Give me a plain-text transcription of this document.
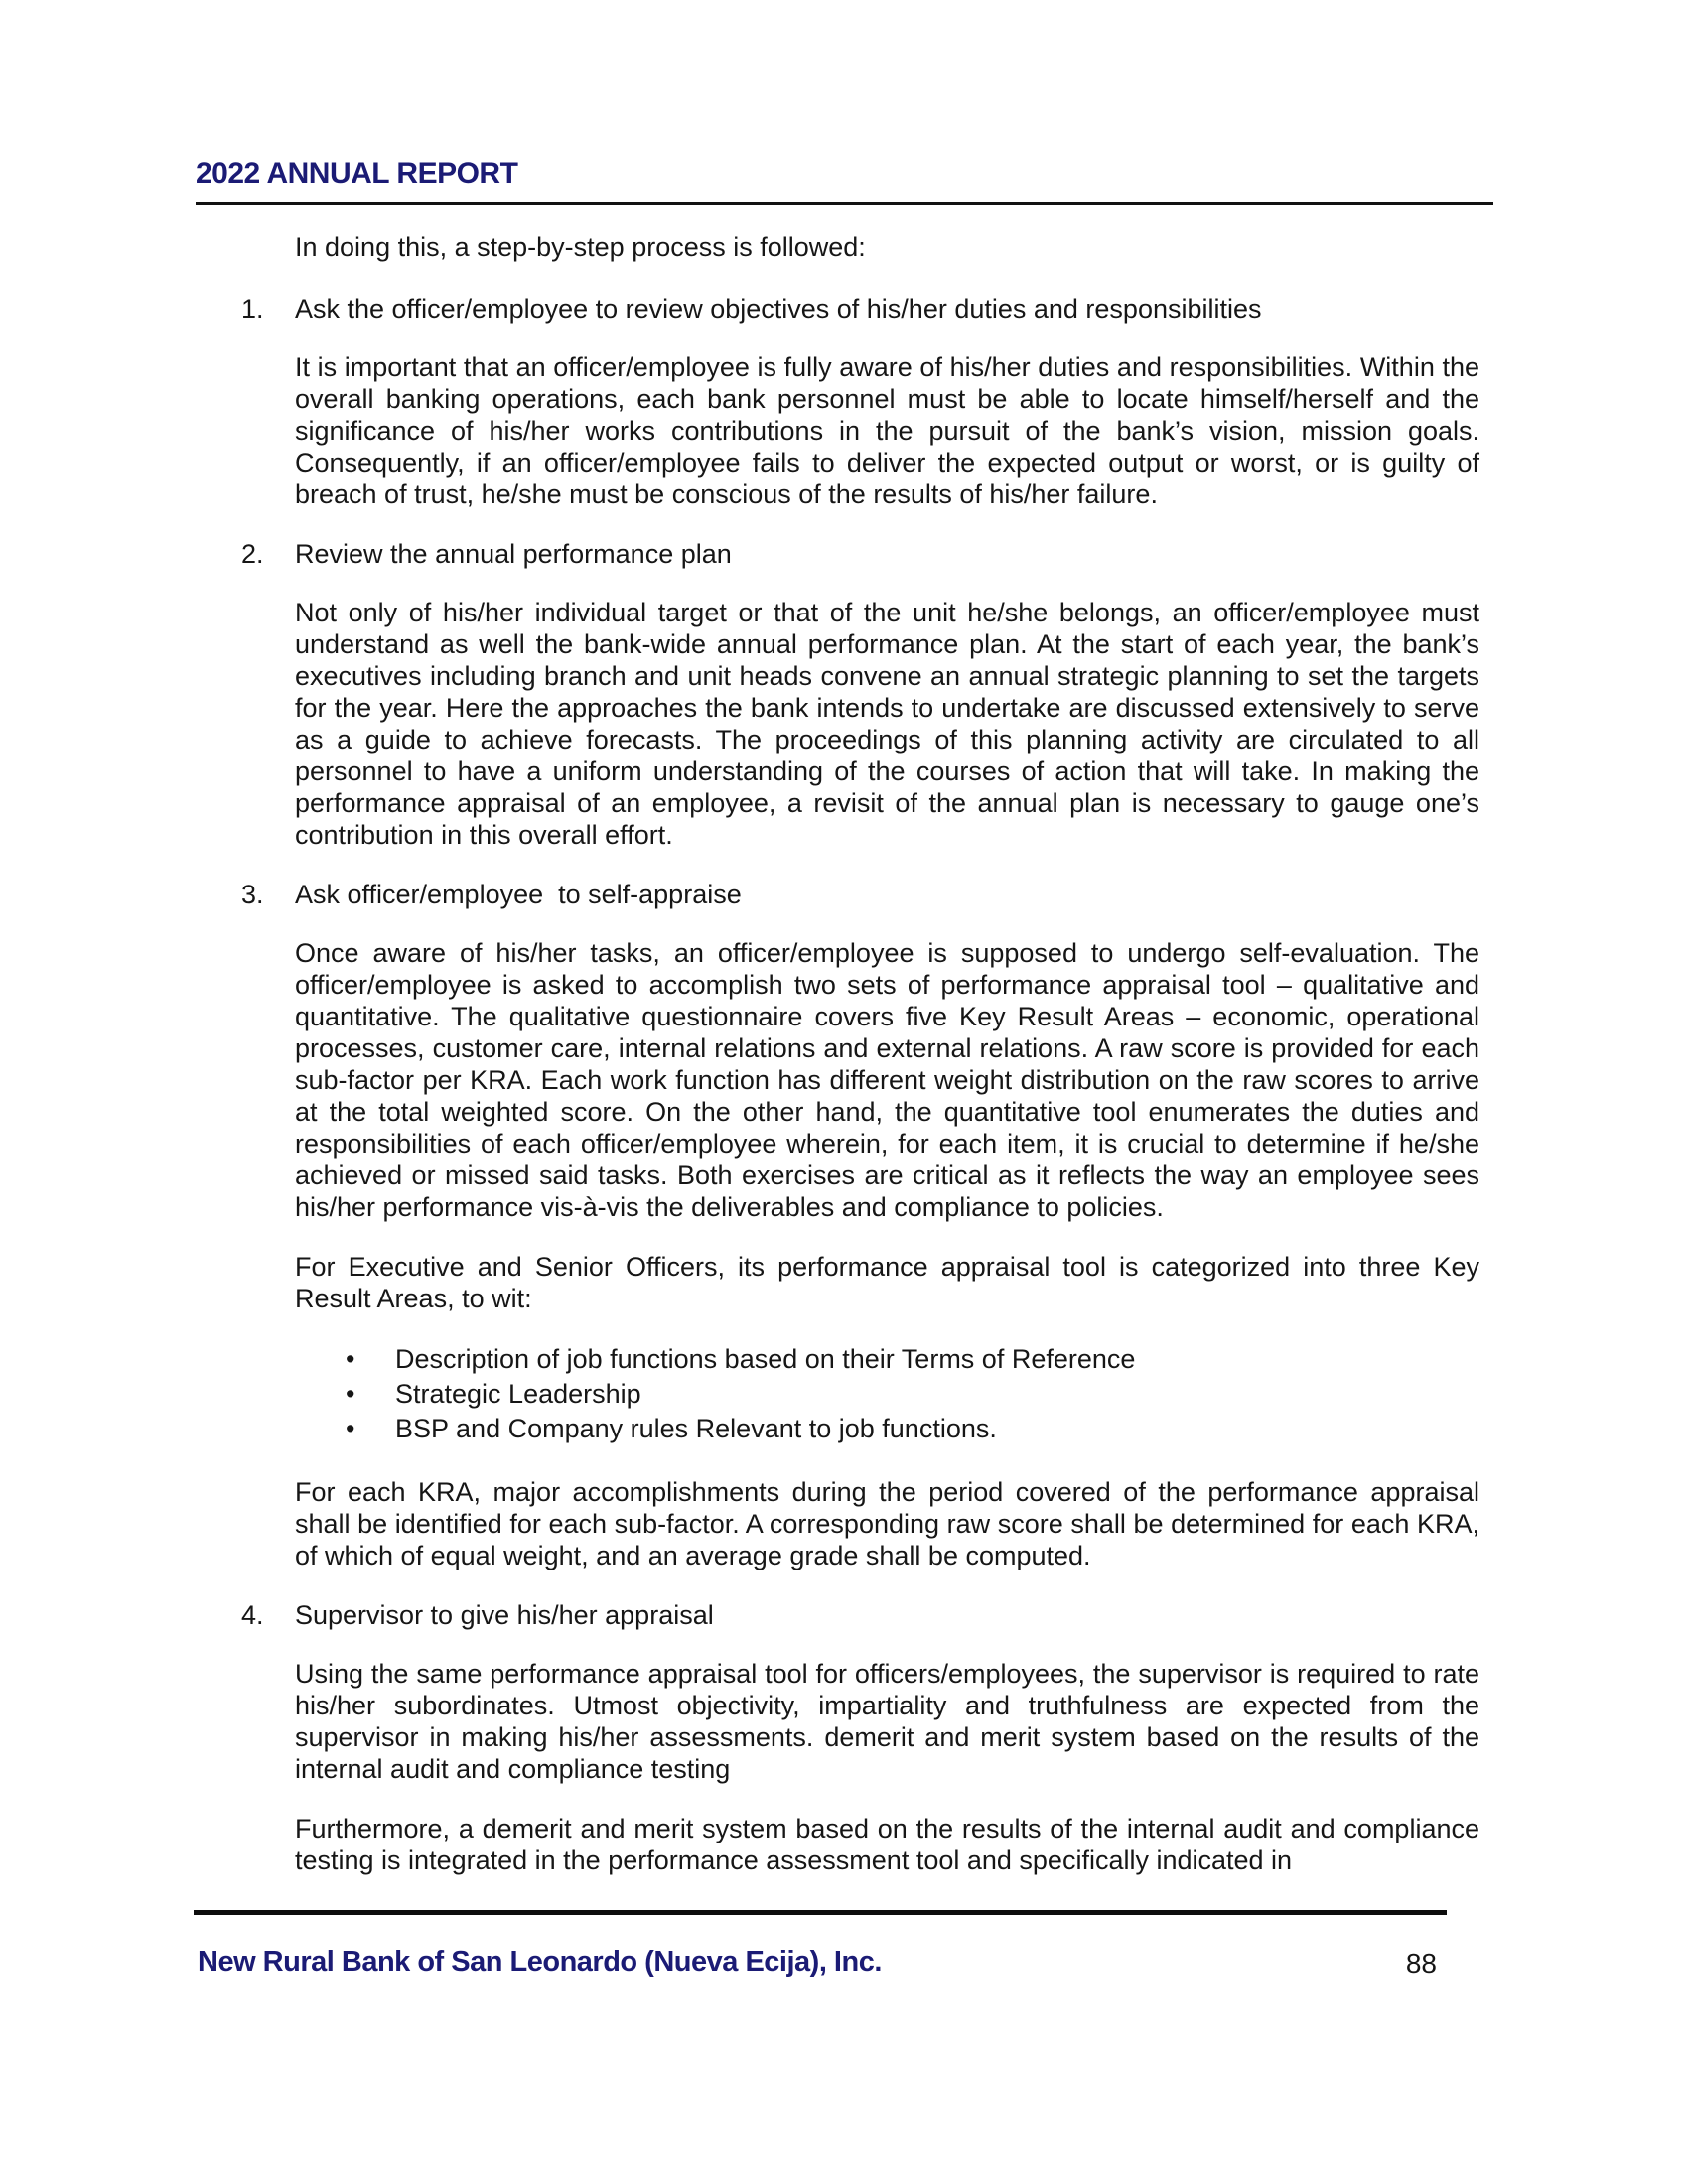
2022 ANNUAL REPORT

In doing this, a step-by-step process is followed:

1.	Ask the officer/employee to review objectives of his/her duties and responsibilities

It is important that an officer/employee is fully aware of his/her duties and responsibilities. Within the overall banking operations, each bank personnel must be able to locate himself/herself and the significance of his/her works contributions in the pursuit of the bank’s vision, mission goals. Consequently, if an officer/employee fails to deliver the expected output or worst, or is guilty of breach of trust, he/she must be conscious of the results of his/her failure.

2.	Review the annual performance plan

Not only of his/her individual target or that of the unit he/she belongs, an officer/employee must understand as well the bank-wide annual performance plan. At the start of each year, the bank’s executives including branch and unit heads convene an annual strategic planning to set the targets for the year. Here the approaches the bank intends to undertake are discussed extensively to serve as a guide to achieve forecasts. The proceedings of this planning activity are circulated to all personnel to have a uniform understanding of the courses of action that will take. In making the performance appraisal of an employee, a revisit of the annual plan is necessary to gauge one’s contribution in this overall effort.

3.	Ask officer/employee  to self-appraise

Once aware of his/her tasks, an officer/employee is supposed to undergo self-evaluation. The officer/employee is asked to accomplish two sets of performance appraisal tool – qualitative and quantitative. The qualitative questionnaire covers five Key Result Areas – economic, operational processes, customer care, internal relations and external relations. A raw score is provided for each sub-factor per KRA. Each work function has different weight distribution on the raw scores to arrive at the total weighted score. On the other hand, the quantitative tool enumerates the duties and responsibilities of each officer/employee wherein, for each item, it is crucial to determine if he/she achieved or missed said tasks. Both exercises are critical as it reflects the way an employee sees his/her performance vis-à-vis the deliverables and compliance to policies.

For Executive and Senior Officers, its performance appraisal tool is categorized into three Key Result Areas, to wit:

• Description of job functions based on their Terms of Reference
• Strategic Leadership
• BSP and Company rules Relevant to job functions.

For each KRA, major accomplishments during the period covered of the performance appraisal shall be identified for each sub-factor. A corresponding raw score shall be determined for each KRA, of which of equal weight, and an average grade shall be computed.

4.	Supervisor to give his/her appraisal

Using the same performance appraisal tool for officers/employees, the supervisor is required to rate his/her subordinates. Utmost objectivity, impartiality and truthfulness are expected from the supervisor in making his/her assessments. demerit and merit system based on the results of the internal audit and compliance testing

Furthermore, a demerit and merit system based on the results of the internal audit and compliance testing is integrated in the performance assessment tool and specifically indicated in

New Rural Bank of San Leonardo (Nueva Ecija), Inc.	88
